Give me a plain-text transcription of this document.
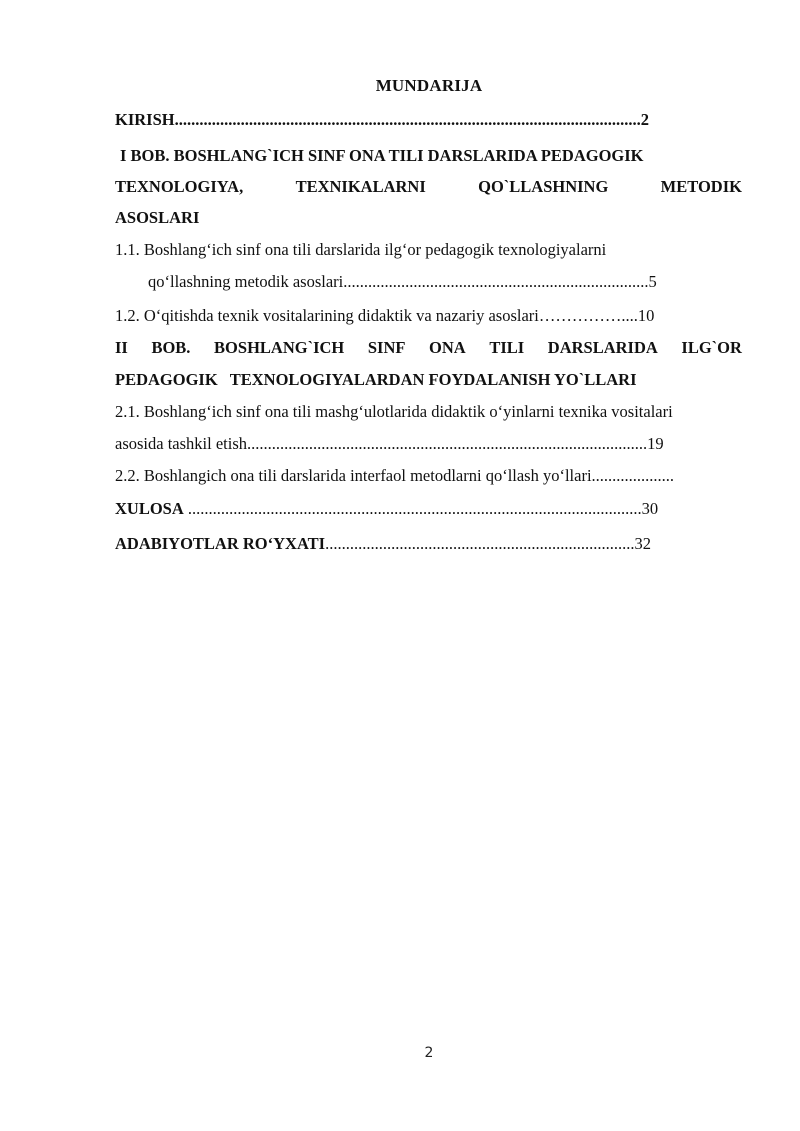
MUNDARIJA
KIRISH.................................................................................................................2
I BOB. BOSHLANG`ICH SINF ONA TILI DARSLARIDA PEDAGOGIK
TEXNOLOGIYA,	TEXNIKALARNI	QO`LLASHNING	METODIK
ASOSLARI
1.1. Boshlang‘ich sinf ona tili darslarida ilg‘or pedagogik texnologiyalarni
qo‘llashning metodik asoslari..........................................................................5
1.2. O‘qitishda texnik vositalarining didaktik va nazariy asoslari……………....10
II BOB. BOSHLANG`ICH SINF ONA TILI DARSLARIDA ILG`OR
PEDAGOGIK   TEXNOLOGIYALARDAN FOYDALANISH YO`LLARI
2.1. Boshlang‘ich sinf ona tili mashg‘ulotlarida didaktik o‘yinlarni texnika vositalari
asosida tashkil etish.................................................................................................19
2.2. Boshlangich ona tili darslarida interfaol metodlarni qo‘llash yo‘llari....................
XULOSA ..............................................................................................................30
ADABIYOTLAR RO‘YXATI...........................................................................32
2
